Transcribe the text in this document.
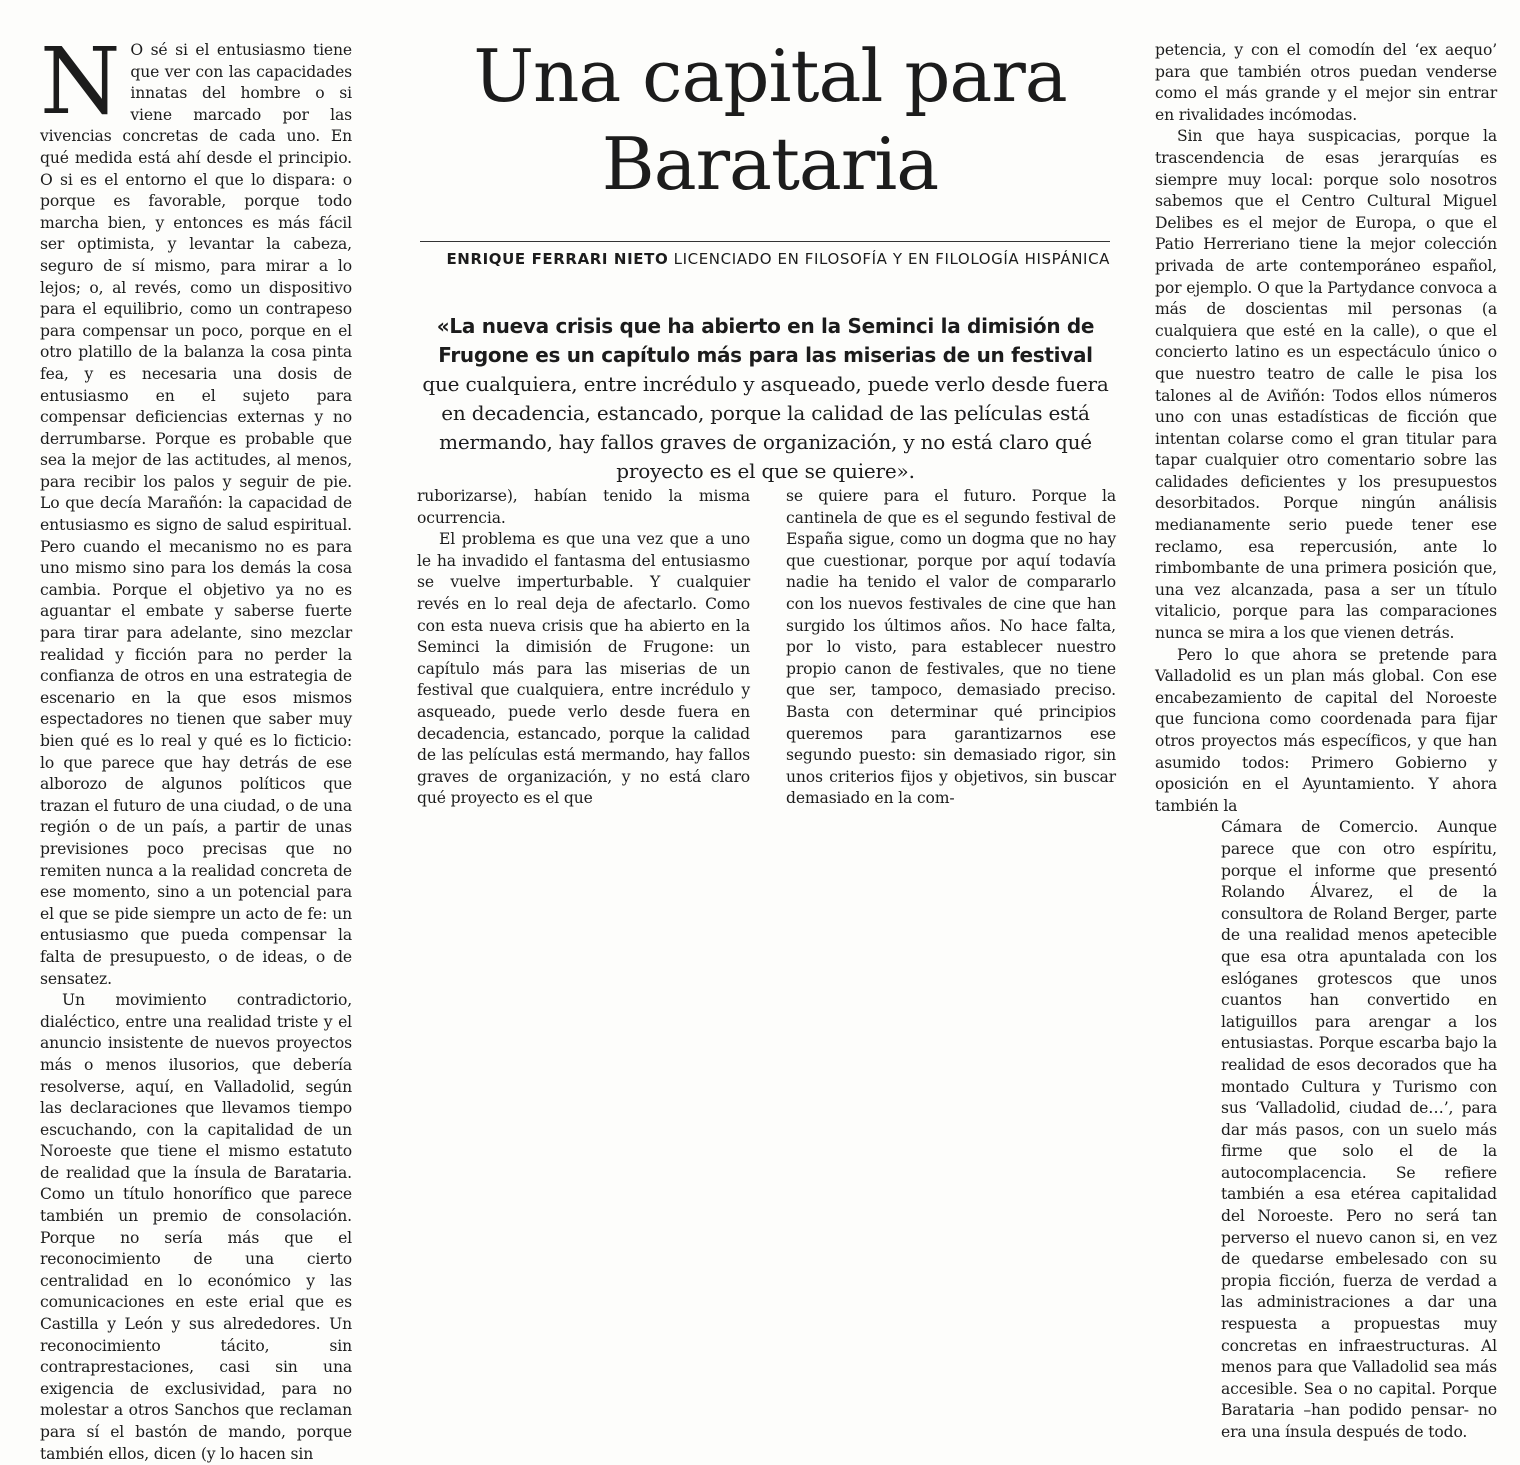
Una capital para Barataria
ENRIQUE FERRARI NIETO LICENCIADO EN FILOSOFÍA Y EN FILOLOGÍA HISPÁNICA

«La nueva crisis que ha abierto en la Seminci la dimisión de Frugone es un capítulo más para las miserias de un festival que cualquiera, entre incrédulo y asqueado, puede verlo desde fuera en decadencia, estancado, porque la calidad de las películas está mermando, hay fallos graves de organización, y no está claro qué proyecto es el que se quiere».

N O sé si el entusiasmo tiene que ver con las capacidades innatas del hombre o si viene marcado por las vivencias concretas de cada uno. En qué medida está ahí desde el principio. O si es el entorno el que lo dispara: o porque es favorable, porque todo marcha bien, y entonces es más fácil ser optimista, y levantar la cabeza, seguro de sí mismo, para mirar a lo lejos; o, al revés, como un dispositivo para el equilibrio, como un contrapeso para compensar un poco, porque en el otro platillo de la balanza la cosa pinta fea, y es necesaria una dosis de entusiasmo en el sujeto para compensar deficiencias externas y no derrumbarse. Porque es probable que sea la mejor de las actitudes, al menos, para recibir los palos y seguir de pie. Lo que decía Marañón: la capacidad de entusiasmo es signo de salud espiritual. Pero cuando el mecanismo no es para uno mismo sino para los demás la cosa cambia. Porque el objetivo ya no es aguantar el embate y saberse fuerte para tirar para adelante, sino mezclar realidad y ficción para no perder la confianza de otros en una estrategia de escenario en la que esos mismos espectadores no tienen que saber muy bien qué es lo real y qué es lo ficticio: lo que parece que hay detrás de ese alborozo de algunos políticos que trazan el futuro de una ciudad, o de una región o de un país, a partir de unas previsiones poco precisas que no remiten nunca a la realidad concreta de ese momento, sino a un potencial para el que se pide siempre un acto de fe: un entusiasmo que pueda compensar la falta de presupuesto, o de ideas, o de sensatez.

Un movimiento contradictorio, dialéctico, entre una realidad triste y el anuncio insistente de nuevos proyectos más o menos ilusorios, que debería resolverse, aquí, en Valladolid, según las declaraciones que llevamos tiempo escuchando, con la capitalidad de un Noroeste que tiene el mismo estatuto de realidad que la ínsula de Barataria. Como un título honorífico que parece también un premio de consolación. Porque no sería más que el reconocimiento de una cierto centralidad en lo económico y las comunicaciones en este erial que es Castilla y León y sus alrededores. Un reconocimiento tácito, sin contraprestaciones, casi sin una exigencia de exclusividad, para no molestar a otros Sanchos que reclaman para sí el bastón de mando, porque también ellos, dicen (y lo hacen sin

ruborizarse), habían tenido la misma ocurrencia.

El problema es que una vez que a uno le ha invadido el fantasma del entusiasmo se vuelve imperturbable. Y cualquier revés en lo real deja de afectarlo. Como con esta nueva crisis que ha abierto en la Seminci la dimisión de Frugone: un capítulo más para las miserias de un festival que cualquiera, entre incrédulo y asqueado, puede verlo desde fuera en decadencia, estancado, porque la calidad de las películas está mermando, hay fallos graves de organización, y no está claro qué proyecto es el que

se quiere para el futuro. Porque la cantinela de que es el segundo festival de España sigue, como un dogma que no hay que cuestionar, porque por aquí todavía nadie ha tenido el valor de compararlo con los nuevos festivales de cine que han surgido los últimos años. No hace falta, por lo visto, para establecer nuestro propio canon de festivales, que no tiene que ser, tampoco, demasiado preciso. Basta con determinar qué principios queremos para garantizarnos ese segundo puesto: sin demasiado rigor, sin unos criterios fijos y objetivos, sin buscar demasiado en la com-

petencia, y con el comodín del ‘ex aequo’ para que también otros puedan venderse como el más grande y el mejor sin entrar en rivalidades incómodas.

Sin que haya suspicacias, porque la trascendencia de esas jerarquías es siempre muy local: porque solo nosotros sabemos que el Centro Cultural Miguel Delibes es el mejor de Europa, o que el Patio Herreriano tiene la mejor colección privada de arte contemporáneo español, por ejemplo. O que la Partydance convoca a más de doscientas mil personas (a cualquiera que esté en la calle), o que el concierto latino es un espectáculo único o que nuestro teatro de calle le pisa los talones al de Aviñón: Todos ellos números uno con unas estadísticas de ficción que intentan colarse como el gran titular para tapar cualquier otro comentario sobre las calidades deficientes y los presupuestos desorbitados. Porque ningún análisis medianamente serio puede tener ese reclamo, esa repercusión, ante lo rimbombante de una primera posición que, una vez alcanzada, pasa a ser un título vitalicio, porque para las comparaciones nunca se mira a los que vienen detrás.

Pero lo que ahora se pretende para Valladolid es un plan más global. Con ese encabezamiento de capital del Noroeste que funciona como coordenada para fijar otros proyectos más específicos, y que han asumido todos: Primero Gobierno y oposición en el Ayuntamiento. Y ahora también la

Cámara de Comercio. Aunque parece que con otro espíritu, porque el informe que presentó Rolando Álvarez, el de la consultora de Roland Berger, parte de una realidad menos apetecible que esa otra apuntalada con los eslóganes grotescos que unos cuantos han convertido en latiguillos para arengar a los entusiastas. Porque escarba bajo la realidad de esos decorados que ha montado Cultura y Turismo con sus ‘Valladolid, ciudad de…’, para dar más pasos, con un suelo más firme que solo el de la autocomplacencia. Se refiere también a esa etérea capitalidad del Noroeste. Pero no será tan perverso el nuevo canon si, en vez de quedarse embelesado con su propia ficción, fuerza de verdad a las administraciones a dar una respuesta a propuestas muy concretas en infraestructuras. Al menos para que Valladolid sea más accesible. Sea o no capital. Porque Barataria –han podido pensar- no era una ínsula después de todo.
